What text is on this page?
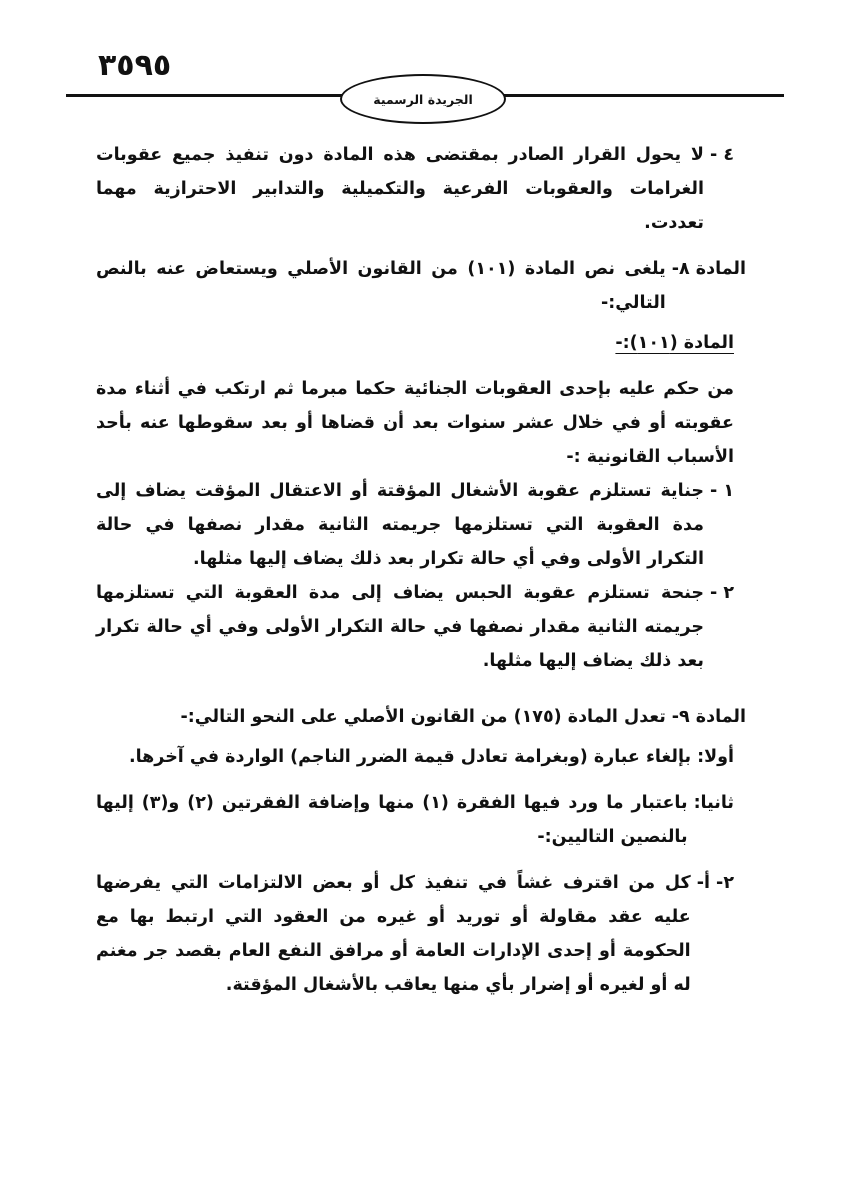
٣٥٩٥
الجريدة الرسمية
٤ -
لا يحول القرار الصادر بمقتضى هذه المادة دون تنفيذ جميع عقوبات الغرامات والعقوبات الفرعية والتكميلية والتدابير الاحترازية مهما تعددت.
المادة ٨-
يلغى نص المادة (١٠١) من القانون الأصلي ويستعاض عنه بالنص التالي:-
المادة (١٠١):-
من حكم عليه بإحدى العقوبات الجنائية حكما مبرما ثم ارتكب في أثناء مدة عقوبته أو في خلال عشر سنوات بعد أن قضاها أو بعد سقوطها عنه بأحد الأسباب القانونية :-
١ -
جناية تستلزم عقوبة الأشغال المؤقتة أو الاعتقال المؤقت يضاف إلى مدة العقوبة التي تستلزمها جريمته الثانية مقدار نصفها في حالة التكرار الأولى وفي أي حالة تكرار بعد ذلك يضاف إليها مثلها.
٢ -
جنحة تستلزم عقوبة الحبس يضاف إلى مدة العقوبة التي تستلزمها جريمته الثانية مقدار نصفها في حالة التكرار الأولى وفي أي حالة تكرار بعد ذلك يضاف إليها مثلها.
المادة ٩-
تعدل المادة (١٧٥) من القانون الأصلي على النحو التالي:-
أولا:
بإلغاء عبارة (وبغرامة تعادل قيمة الضرر الناجم) الواردة في آخرها.
ثانيا:
باعتبار ما ورد فيها الفقرة (١) منها وإضافة الفقرتين (٢) و(٣) إليها بالنصين التاليين:-
٢- أ-
كل من اقترف غشاً في تنفيذ كل أو بعض الالتزامات التي يفرضها عليه عقد مقاولة أو توريد أو غيره من العقود التي ارتبط بها مع الحكومة أو إحدى الإدارات العامة أو مرافق النفع العام بقصد جر مغنم له أو لغيره أو إضرار بأي منها يعاقب بالأشغال المؤقتة.
